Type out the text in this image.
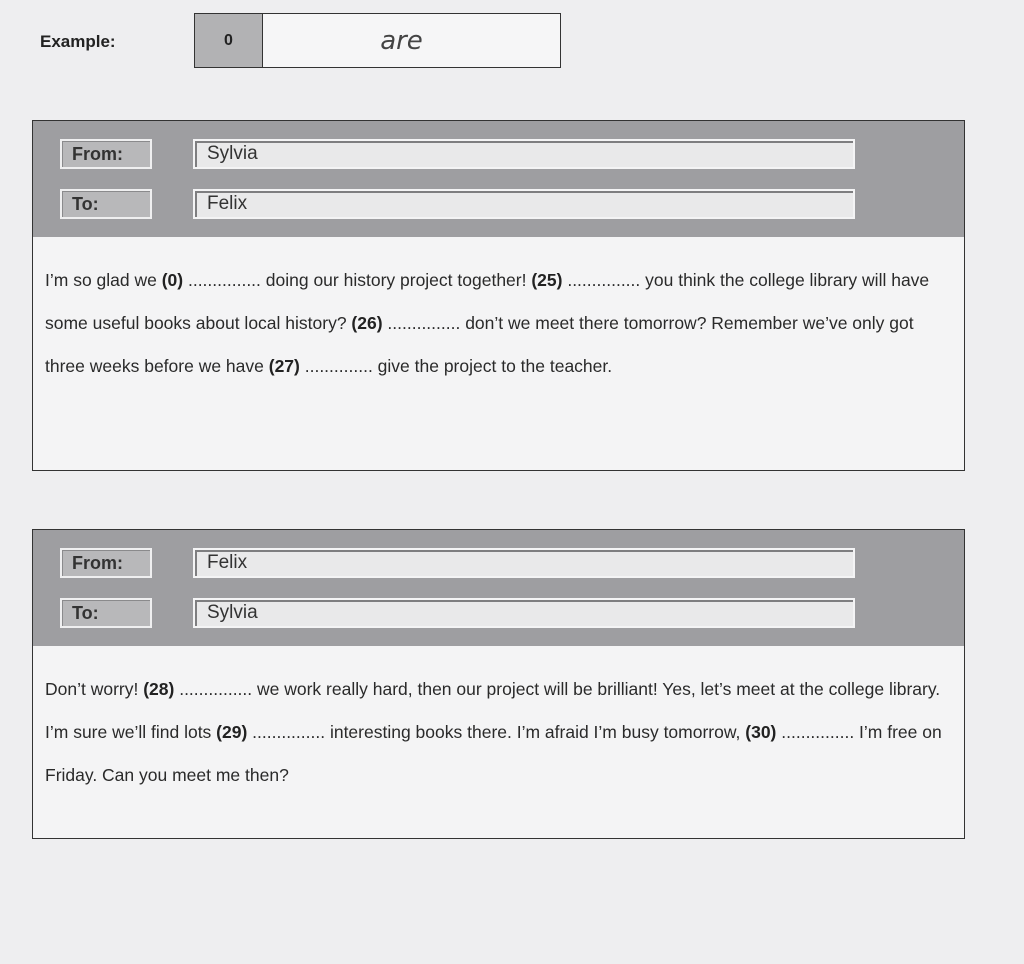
Example:	0	are
From:	Sylvia
To:	Felix
I’m so glad we (0) ............... doing our history project together! (25) ............... you think the college library will have some useful books about local history? (26) ............... don’t we meet there tomorrow? Remember we’ve only got three weeks before we have (27) .............. give the project to the teacher.
From:	Felix
To:	Sylvia
Don’t worry! (28) ............... we work really hard, then our project will be brilliant! Yes, let’s meet at the college library. I’m sure we’ll find lots (29) ............... interesting books there. I’m afraid I’m busy tomorrow, (30) ............... I’m free on Friday. Can you meet me then?
